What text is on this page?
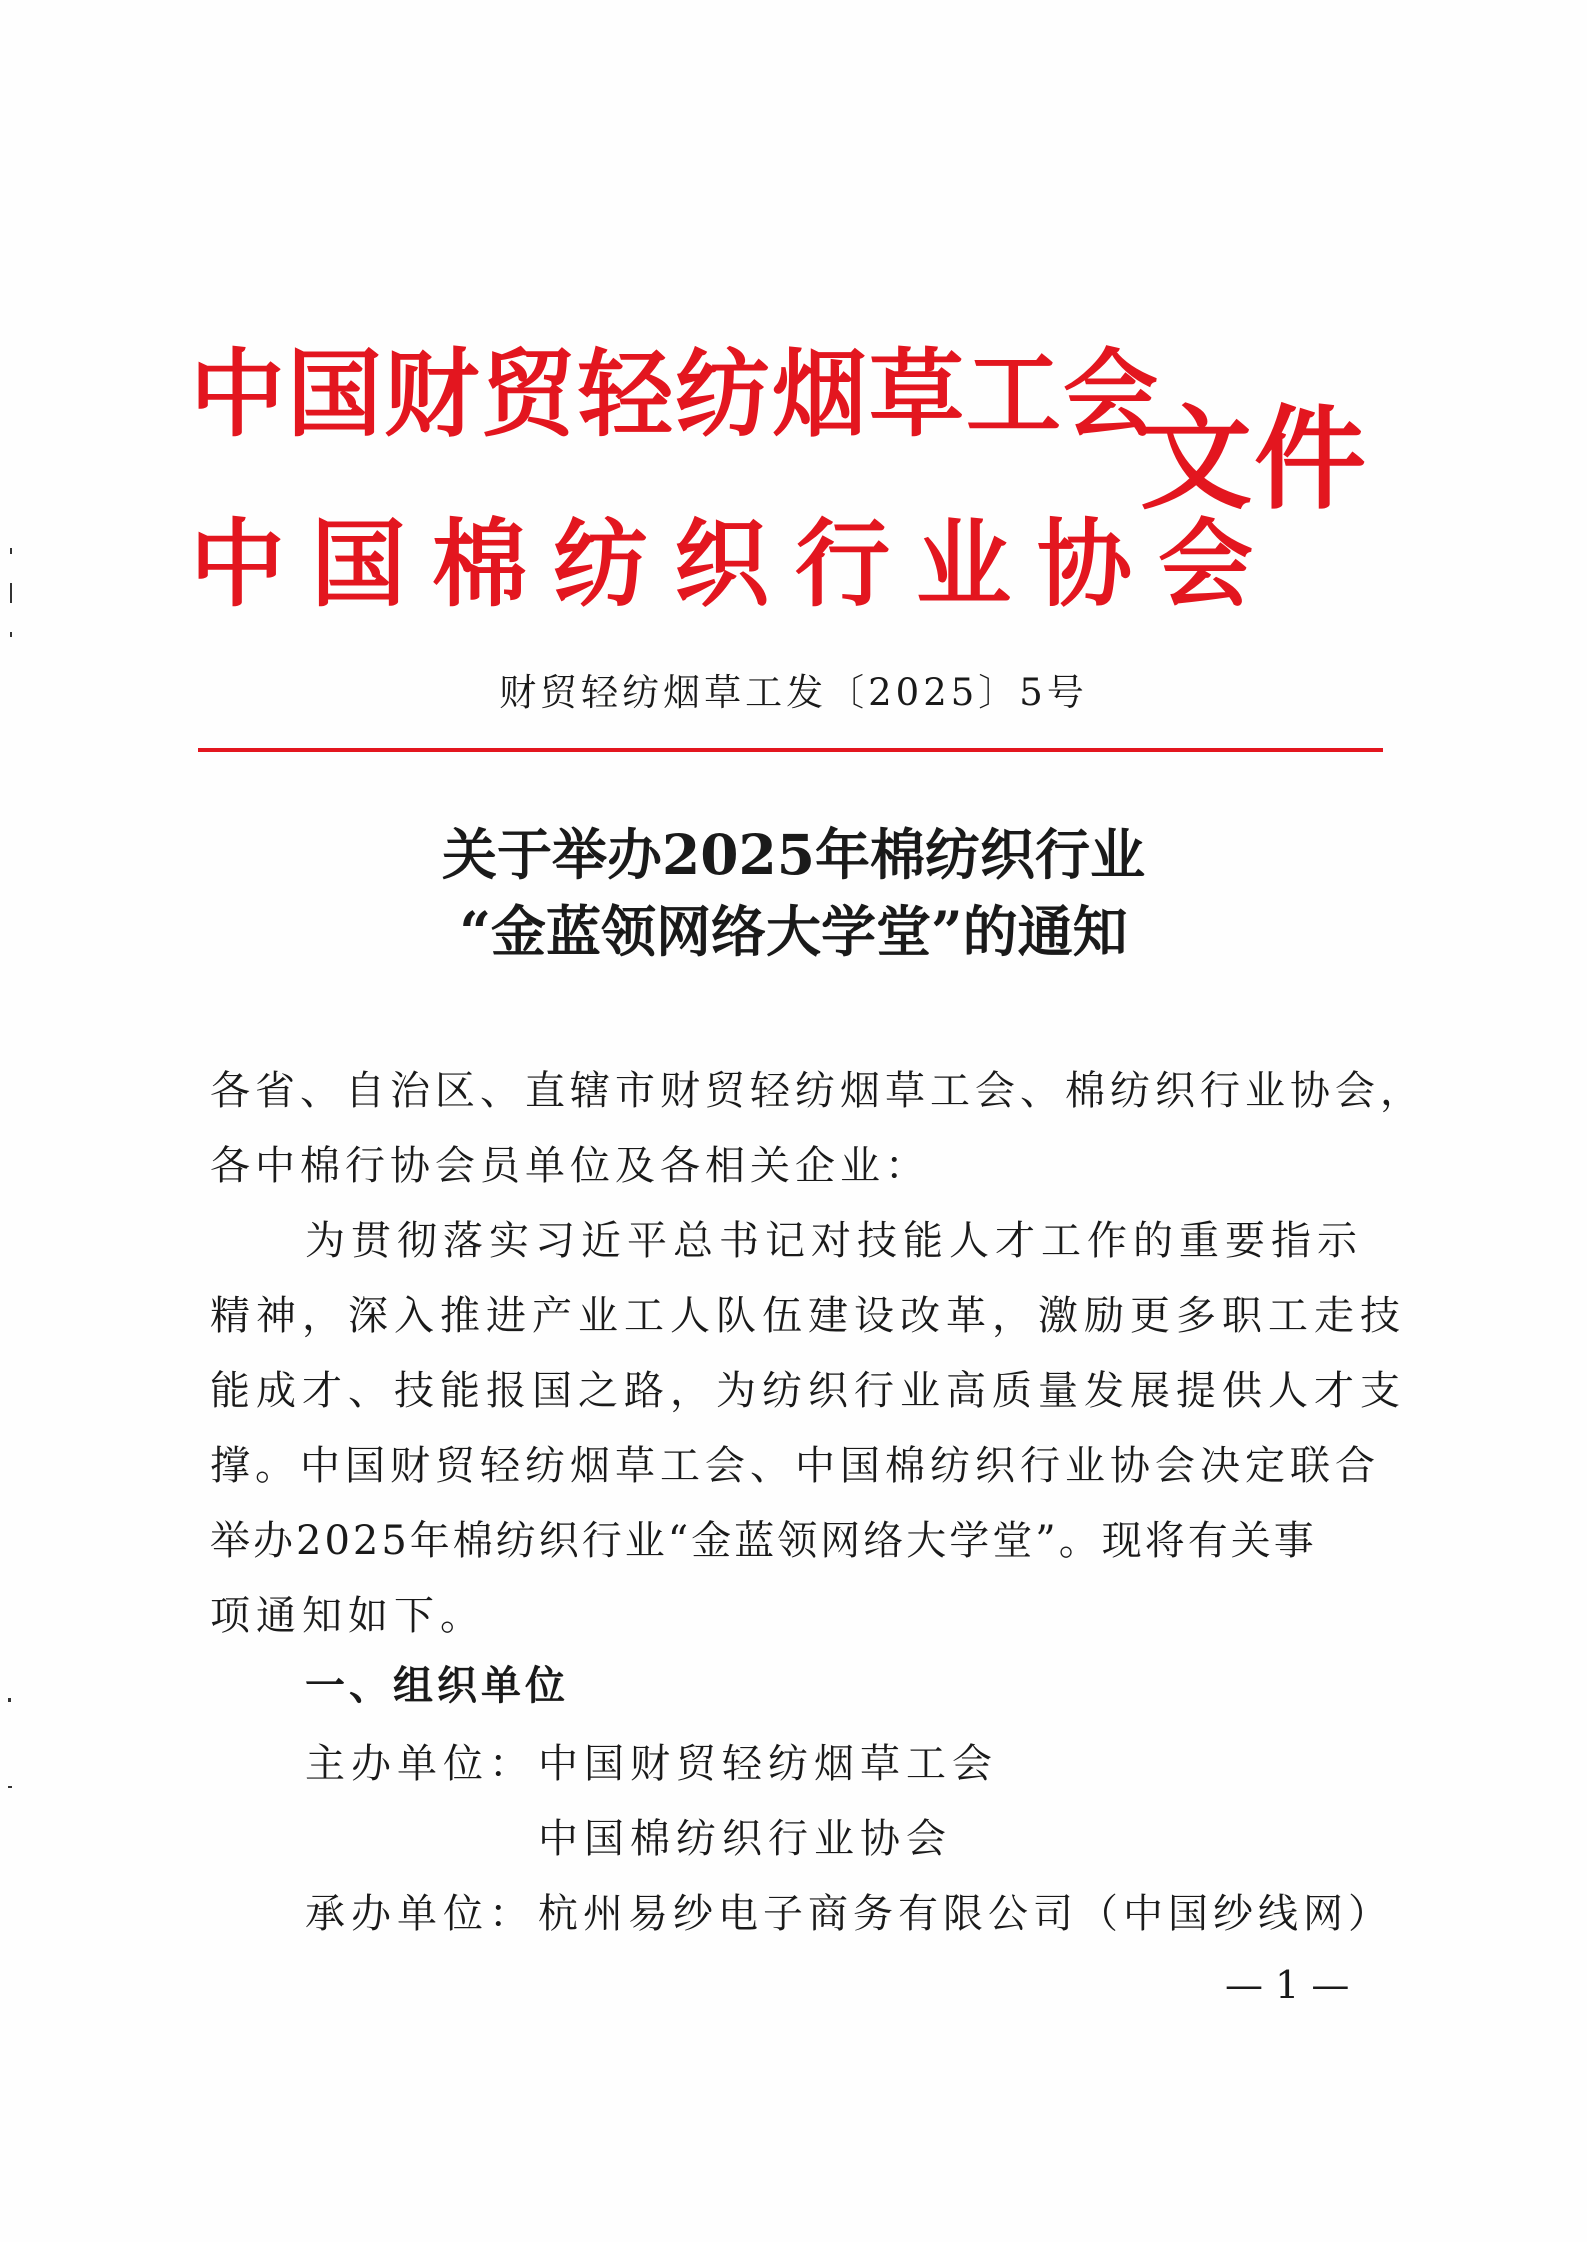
中国财贸轻纺烟草工会
中国棉纺织行业协会
文件
财贸轻纺烟草工发〔2025〕5号
关于举办2025年棉纺织行业
“金蓝领网络大学堂”的通知
各省、自治区、直辖市财贸轻纺烟草工会、棉纺织行业协会，
各中棉行协会员单位及各相关企业：
为贯彻落实习近平总书记对技能人才工作的重要指示
精神，深入推进产业工人队伍建设改革，激励更多职工走技
能成才、技能报国之路，为纺织行业高质量发展提供人才支
撑。中国财贸轻纺烟草工会、中国棉纺织行业协会决定联合
举办2025年棉纺织行业“金蓝领网络大学堂”。现将有关事
项通知如下。
一、组织单位
主办单位： 中国财贸轻纺烟草工会
中国棉纺织行业协会
承办单位： 杭州易纱电子商务有限公司（中国纱线网）
— 1 —
